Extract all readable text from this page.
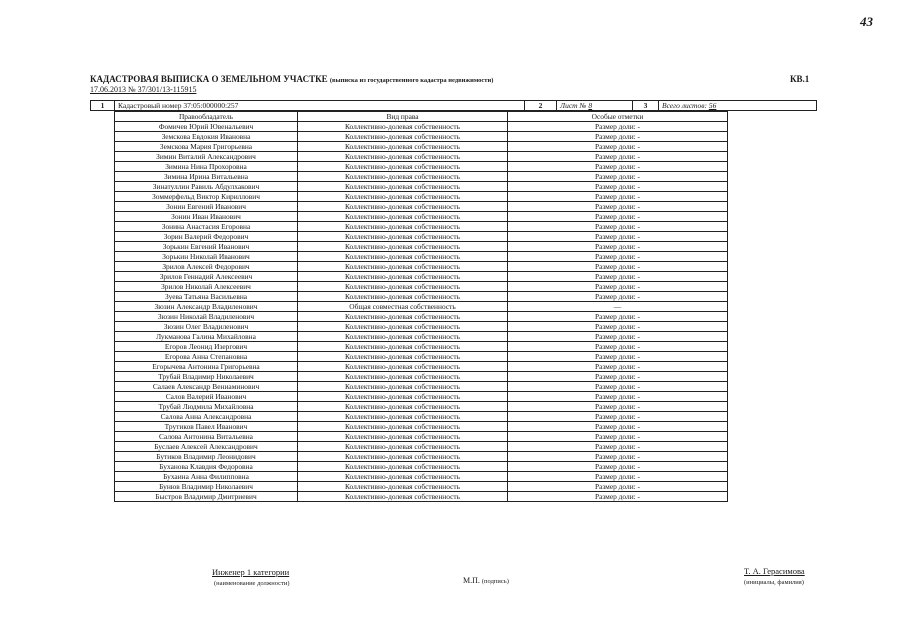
43
КАДАСТРОВАЯ ВЫПИСКА О ЗЕМЕЛЬНОМ УЧАСТКЕ (выписка из государственного кадастра недвижимости)	КВ.1
17.06.2013 № 37/301/13-115915
1	Кадастровый номер 37:05:000000:257	2	Лист № 8	3	Всего листов: 56
Правообладатель	Вид права	Особые отметки
Фомичев Юрий Ювенальевич	Коллективно-долевая собственность	Размер доли: -
Земскова Евдокия Ивановна	Коллективно-долевая собственность	Размер доли: -
Земскова Мария Григорьевна	Коллективно-долевая собственность	Размер доли: -
Зимин Виталий Александрович	Коллективно-долевая собственность	Размер доли: -
Зимина Нина Прохоровна	Коллективно-долевая собственность	Размер доли: -
Зимина Ирина Витальевна	Коллективно-долевая собственность	Размер доли: -
Зинатуллин Равиль Абдулхакович	Коллективно-долевая собственность	Размер доли: -
Зоммерфельд Виктор Кириллович	Коллективно-долевая собственность	Размер доли: -
Зонин Евгений Иванович	Коллективно-долевая собственность	Размер доли: -
Зонин Иван Иванович	Коллективно-долевая собственность	Размер доли: -
Зонина Анастасия Егоровна	Коллективно-долевая собственность	Размер доли: -
Зорин Валерий Федорович	Коллективно-долевая собственность	Размер доли: -
Зорькин Евгений Иванович	Коллективно-долевая собственность	Размер доли: -
Зорькин Николай Иванович	Коллективно-долевая собственность	Размер доли: -
Зрилов Алексей Федорович	Коллективно-долевая собственность	Размер доли: -
Зрилов Геннадий Алексеевич	Коллективно-долевая собственность	Размер доли: -
Зрилов Николай Алексеевич	Коллективно-долевая собственность	Размер доли: -
Зуева Татьяна Васильевна	Коллективно-долевая собственность	Размер доли: -
Зюзин Александр Владиленович	Общая совместная собственность	—
Зюзин Николай Владиленович	Коллективно-долевая собственность	Размер доли: -
Зюзин Олег Владиленович	Коллективно-долевая собственность	Размер доли: -
Лукманова Галина Михайловна	Коллективно-долевая собственность	Размер доли: -
Егоров Леонид Изергович	Коллективно-долевая собственность	Размер доли: -
Егорова Анна Степановна	Коллективно-долевая собственность	Размер доли: -
Егорычева Антонина Григорьевна	Коллективно-долевая собственность	Размер доли: -
Трубай Владимир Николаевич	Коллективно-долевая собственность	Размер доли: -
Салаев Александр Вениаминович	Коллективно-долевая собственность	Размер доли: -
Салов Валерий Иванович	Коллективно-долевая собственность	Размер доли: -
Трубай Людмила Михайловна	Коллективно-долевая собственность	Размер доли: -
Салова Анна Александровна	Коллективно-долевая собственность	Размер доли: -
Трутиков Павел Иванович	Коллективно-долевая собственность	Размер доли: -
Салова Антонина Витальевна	Коллективно-долевая собственность	Размер доли: -
Буслаев Алексей Александрович	Коллективно-долевая собственность	Размер доли: -
Бутиков Владимир Леонидович	Коллективно-долевая собственность	Размер доли: -
Буханова Клавдия Федоровна	Коллективно-долевая собственность	Размер доли: -
Бухаина Анна Филипповна	Коллективно-долевая собственность	Размер доли: -
Бунюв Владимир Николаевич	Коллективно-долевая собственность	Размер доли: -
Быстров Владимир Дмитриевич	Коллективно-долевая собственность	Размер доли: -
Инженер 1 категории
(наименование должности)	М.П. (подпись)
Т. А. Герасимова
(инициалы, фамилия)
